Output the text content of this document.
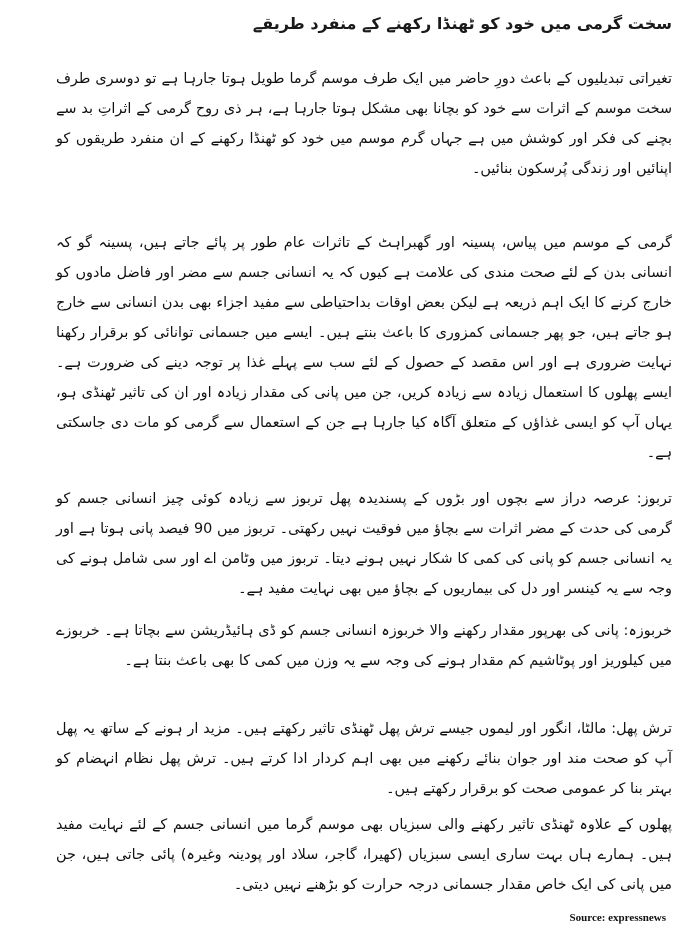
سخت گرمی میں خود کو ٹھنڈا رکھنے کے منفرد طریقے

تغیراتی تبدیلیوں کے باعث دورِ حاضر میں ایک طرف موسم گرما طویل ہوتا جارہا ہے تو دوسری طرف سخت موسم کے اثرات سے خود کو بچانا بھی مشکل ہوتا جارہا ہے، ہر ذی روح گرمی کے اثراتِ بد سے بچنے کی فکر اور کوشش میں ہے جہاں گرم موسم میں خود کو ٹھنڈا رکھنے کے ان منفرد طریقوں کو اپنائیں اور زندگی پُرسکون بنائیں۔

گرمی کے موسم میں پیاس، پسینہ اور گھبراہٹ کے تاثرات عام طور پر پائے جاتے ہیں، پسینہ گو کہ انسانی بدن کے لئے صحت مندی کی علامت ہے کیوں کہ یہ انسانی جسم سے مضر اور فاضل مادوں کو خارج کرنے کا ایک اہم ذریعہ ہے لیکن بعض اوقات بداحتیاطی سے مفید اجزاء بھی بدن انسانی سے خارج ہو جاتے ہیں، جو پھر جسمانی کمزوری کا باعث بنتے ہیں۔ ایسے میں جسمانی توانائی کو برقرار رکھنا نہایت ضروری ہے اور اس مقصد کے حصول کے لئے سب سے پہلے غذا پر توجہ دینے کی ضرورت ہے۔ ایسے پھلوں کا استعمال زیادہ سے زیادہ کریں، جن میں پانی کی مقدار زیادہ اور ان کی تاثیر ٹھنڈی ہو، یہاں آپ کو ایسی غذاؤں کے متعلق آگاہ کیا جارہا ہے جن کے استعمال سے گرمی کو مات دی جاسکتی ہے۔

تربوز: عرصہ دراز سے بچوں اور بڑوں کے پسندیدہ پھل تربوز سے زیادہ کوئی چیز انسانی جسم کو گرمی کی حدت کے مضر اثرات سے بچاؤ میں فوقیت نہیں رکھتی۔ تربوز میں 90 فیصد پانی ہوتا ہے اور یہ انسانی جسم کو پانی کی کمی کا شکار نہیں ہونے دیتا۔ تربوز میں وٹامن اے اور سی شامل ہونے کی وجہ سے یہ کینسر اور دل کی بیماریوں کے بچاؤ میں بھی نہایت مفید ہے۔

خربوزہ: پانی کی بھرپور مقدار رکھنے والا خربوزہ انسانی جسم کو ڈی ہائیڈریشن سے بچاتا ہے۔ خربوزے میں کیلوریز اور پوٹاشیم کم مقدار ہونے کی وجہ سے یہ وزن میں کمی کا بھی باعث بنتا ہے۔

ترش پھل: مالٹا، انگور اور لیموں جیسے ترش پھل ٹھنڈی تاثیر رکھتے ہیں۔ مزید ار ہونے کے ساتھ یہ پھل آپ کو صحت مند اور جوان بنائے رکھنے میں بھی اہم کردار ادا کرتے ہیں۔ ترش پھل نظام انہضام کو بہتر بنا کر عمومی صحت کو برقرار رکھتے ہیں۔

پھلوں کے علاوہ ٹھنڈی تاثیر رکھنے والی سبزیاں بھی موسم گرما میں انسانی جسم کے لئے نہایت مفید ہیں۔ ہمارے ہاں بہت ساری ایسی سبزیاں (کھیرا، گاجر، سلاد اور پودینہ وغیرہ) پائی جاتی ہیں، جن میں پانی کی ایک خاص مقدار جسمانی درجہ حرارت کو بڑھنے نہیں دیتی۔

Source: expressnews
